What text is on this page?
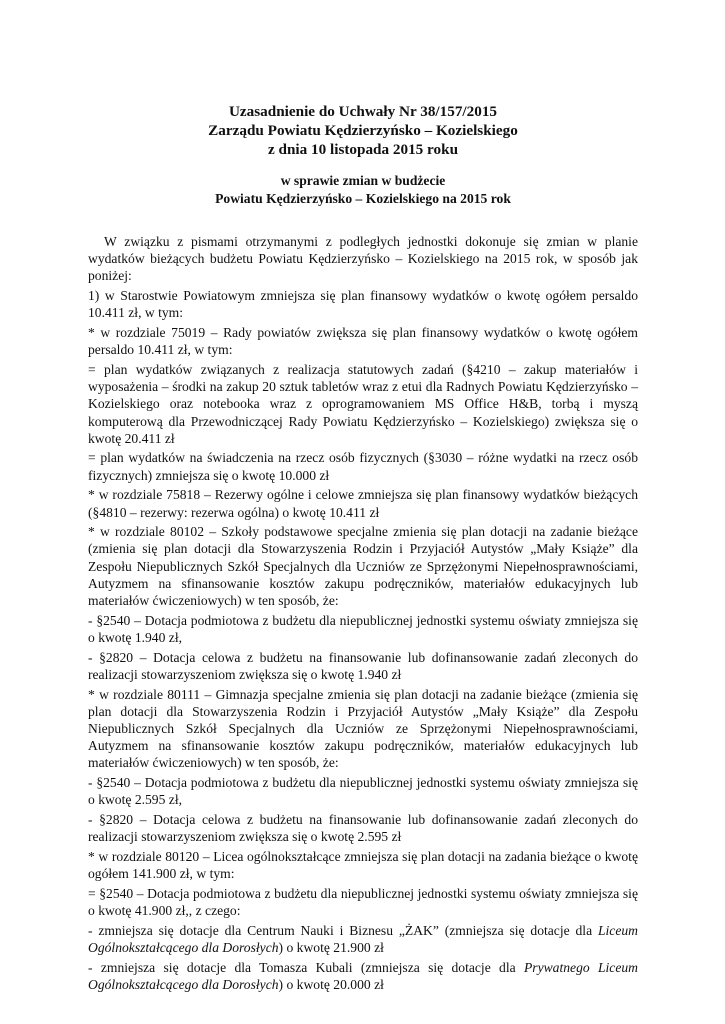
Uzasadnienie do Uchwały Nr 38/157/2015
Zarządu Powiatu Kędzierzyńsko – Kozielskiego
z dnia 10 listopada 2015 roku
w sprawie zmian w budżecie
Powiatu Kędzierzyńsko – Kozielskiego na 2015 rok

W związku z pismami otrzymanymi z podległych jednostki dokonuje się zmian w planie wydatków bieżących budżetu Powiatu Kędzierzyńsko – Kozielskiego na 2015 rok, w sposób jak poniżej:

1) w Starostwie Powiatowym zmniejsza się plan finansowy wydatków o kwotę ogółem persaldo 10.411 zł, w tym:

* w rozdziale 75019 – Rady powiatów zwiększa się plan finansowy wydatków o kwotę ogółem persaldo 10.411 zł, w tym:

= plan wydatków związanych z realizacja statutowych zadań (§4210 – zakup materiałów i wyposażenia – środki na zakup 20 sztuk tabletów wraz z etui dla Radnych Powiatu Kędzierzyńsko – Kozielskiego oraz notebooka wraz z oprogramowaniem MS Office H&B, torbą i myszą komputerową dla Przewodniczącej Rady Powiatu Kędzierzyńsko – Kozielskiego) zwiększa się o kwotę 20.411 zł

= plan wydatków na świadczenia na rzecz osób fizycznych (§3030 – różne wydatki na rzecz osób fizycznych) zmniejsza się o kwotę 10.000 zł

* w rozdziale 75818 – Rezerwy ogólne i celowe zmniejsza się plan finansowy wydatków bieżących (§4810 – rezerwy: rezerwa ogólna) o kwotę 10.411 zł

* w rozdziale 80102 – Szkoły podstawowe specjalne zmienia się plan dotacji na zadanie bieżące (zmienia się plan dotacji dla Stowarzyszenia Rodzin i Przyjaciół Autystów „Mały Książe” dla Zespołu Niepublicznych Szkół Specjalnych dla Uczniów ze Sprzężonymi Niepełnosprawnościami, Autyzmem na sfinansowanie kosztów zakupu podręczników, materiałów edukacyjnych lub materiałów ćwiczeniowych) w ten sposób, że:

- §2540 – Dotacja podmiotowa z budżetu dla niepublicznej jednostki systemu oświaty zmniejsza się o kwotę 1.940 zł,

- §2820 – Dotacja celowa z budżetu na finansowanie lub dofinansowanie zadań zleconych do realizacji stowarzyszeniom zwiększa się o kwotę 1.940 zł

* w rozdziale 80111 – Gimnazja specjalne zmienia się plan dotacji na zadanie bieżące (zmienia się plan dotacji dla Stowarzyszenia Rodzin i Przyjaciół Autystów „Mały Książe” dla Zespołu Niepublicznych Szkół Specjalnych dla Uczniów ze Sprzężonymi Niepełnosprawnościami, Autyzmem na sfinansowanie kosztów zakupu podręczników, materiałów edukacyjnych lub materiałów ćwiczeniowych) w ten sposób, że:

- §2540 – Dotacja podmiotowa z budżetu dla niepublicznej jednostki systemu oświaty zmniejsza się o kwotę 2.595 zł,

- §2820 – Dotacja celowa z budżetu na finansowanie lub dofinansowanie zadań zleconych do realizacji stowarzyszeniom zwiększa się o kwotę 2.595 zł

* w rozdziale 80120 – Licea ogólnokształcące zmniejsza się plan dotacji na zadania bieżące o kwotę ogółem 141.900 zł, w tym:

= §2540 – Dotacja podmiotowa z budżetu dla niepublicznej jednostki systemu oświaty zmniejsza się o kwotę 41.900 zł,, z czego:

- zmniejsza się dotacje dla Centrum Nauki i Biznesu „ŻAK” (zmniejsza się dotacje dla Liceum Ogólnokształcącego dla Dorosłych) o kwotę 21.900 zł

- zmniejsza się dotacje dla Tomasza Kubali (zmniejsza się dotacje dla Prywatnego Liceum Ogólnokształcącego dla Dorosłych) o kwotę 20.000 zł
